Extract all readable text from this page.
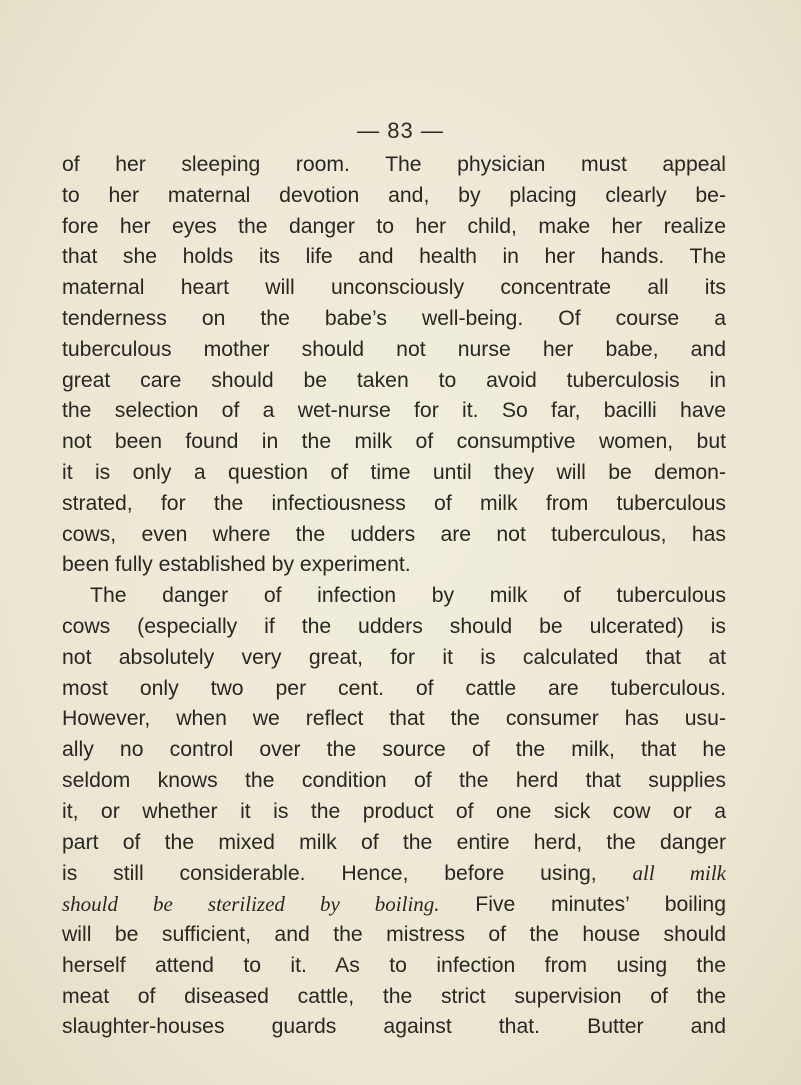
— 83 —
of her sleeping room. The physician must appeal
to her maternal devotion and, by placing clearly be-
fore her eyes the danger to her child, make her realize
that she holds its life and health in her hands. The
maternal heart will unconsciously concentrate all its
tenderness on the babe’s well-being. Of course a
tuberculous mother should not nurse her babe, and
great care should be taken to avoid tuberculosis in
the selection of a wet-nurse for it. So far, bacilli have
not been found in the milk of consumptive women, but
it is only a question of time until they will be demon-
strated, for the infectiousness of milk from tuberculous
cows, even where the udders are not tuberculous, has
been fully established by experiment.
The danger of infection by milk of tuberculous
cows (especially if the udders should be ulcerated) is
not absolutely very great, for it is calculated that at
most only two per cent. of cattle are tuberculous.
However, when we reflect that the consumer has usu-
ally no control over the source of the milk, that he
seldom knows the condition of the herd that supplies
it, or whether it is the product of one sick cow or a
part of the mixed milk of the entire herd, the danger
is still considerable. Hence, before using, all milk
should be sterilized by boiling. Five minutes’ boiling
will be sufficient, and the mistress of the house should
herself attend to it. As to infection from using the
meat of diseased cattle, the strict supervision of the
slaughter-houses guards against that. Butter and
